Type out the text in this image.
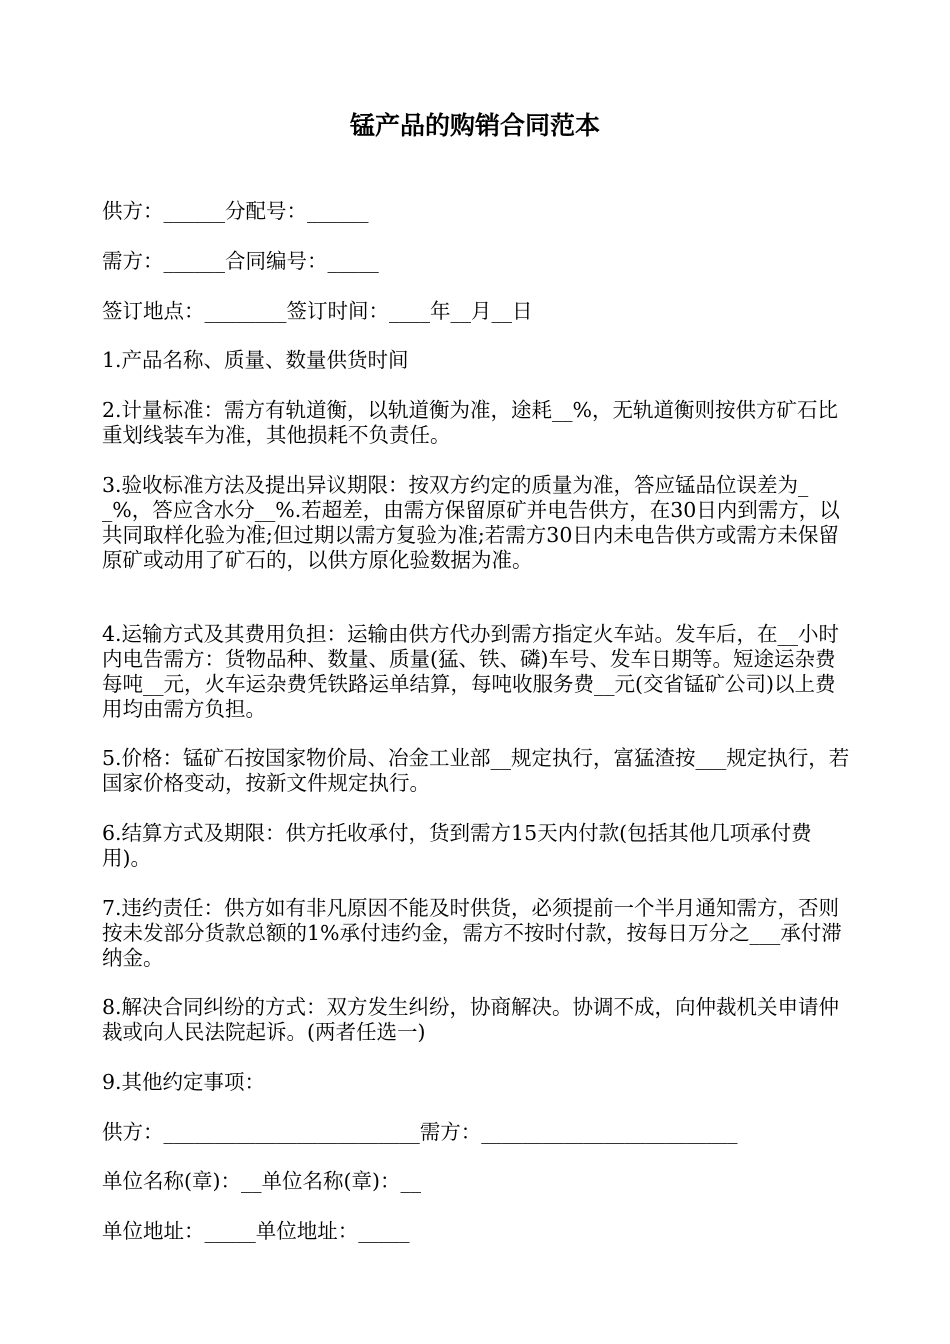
锰产品的购销合同范本

供方：______分配号：______

需方：______合同编号：_____

签订地点：________签订时间：____年__月__日

1.产品名称、质量、数量供货时间

2.计量标准：需方有轨道衡，以轨道衡为准，途耗__%，无轨道衡则按供方矿石比重划线装车为准，其他损耗不负责任。

3.验收标准方法及提出异议期限：按双方约定的质量为准，答应锰品位误差为__%，答应含水分__%.若超差，由需方保留原矿并电告供方，在30日内到需方，以共同取样化验为准;但过期以需方复验为准;若需方30日内未电告供方或需方未保留原矿或动用了矿石的，以供方原化验数据为准。

4.运输方式及其费用负担：运输由供方代办到需方指定火车站。发车后，在__小时内电告需方：货物品种、数量、质量(猛、铁、磷)车号、发车日期等。短途运杂费每吨__元，火车运杂费凭铁路运单结算，每吨收服务费__元(交省锰矿公司)以上费用均由需方负担。

5.价格：锰矿石按国家物价局、冶金工业部__规定执行，富猛渣按___规定执行，若国家价格变动，按新文件规定执行。

6.结算方式及期限：供方托收承付，货到需方15天内付款(包括其他几项承付费用)。

7.违约责任：供方如有非凡原因不能及时供货，必须提前一个半月通知需方，否则按未发部分货款总额的1%承付违约金，需方不按时付款，按每日万分之___承付滞纳金。

8.解决合同纠纷的方式：双方发生纠纷，协商解决。协调不成，向仲裁机关申请仲裁或向人民法院起诉。(两者任选一)

9.其他约定事项：

供方：_________________________需方：_________________________

单位名称(章)：__单位名称(章)：__

单位地址：_____单位地址：_____
